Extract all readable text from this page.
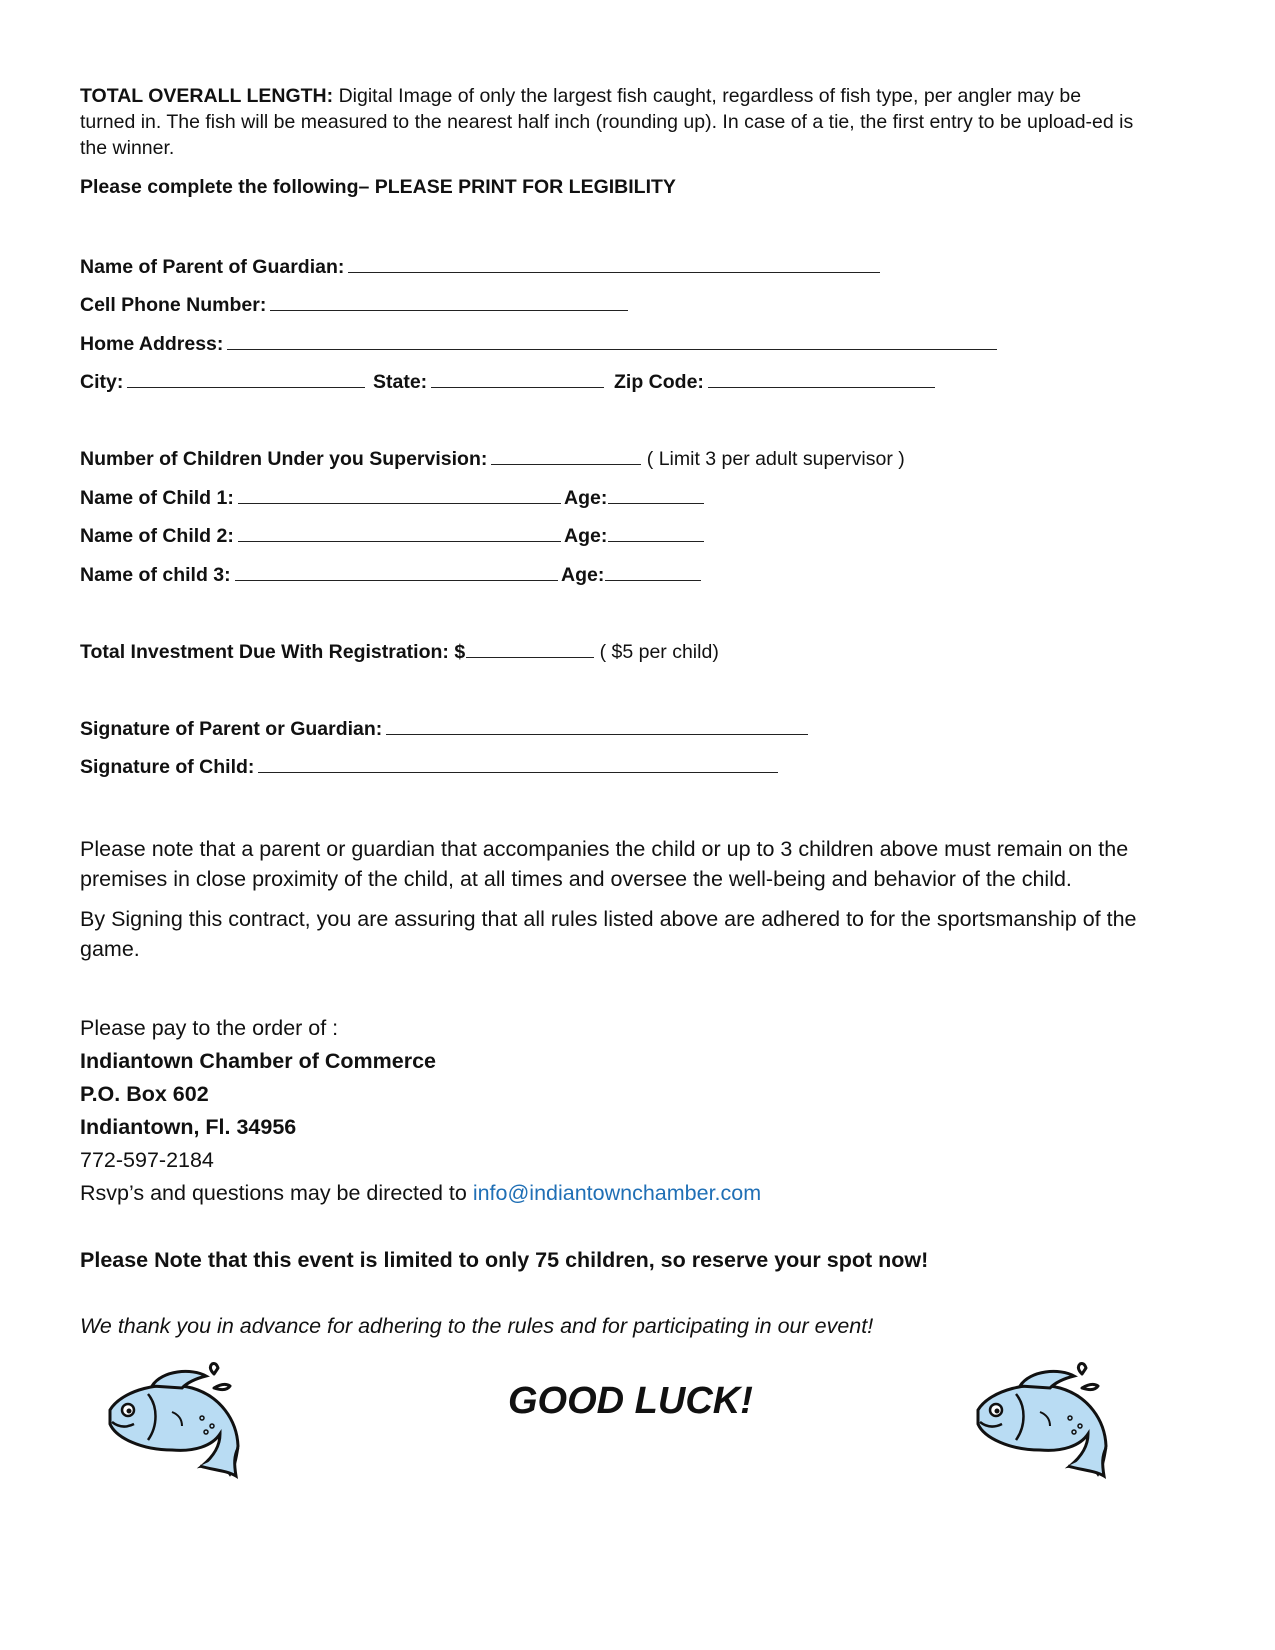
TOTAL OVERALL LENGTH: Digital Image of only the largest fish caught, regardless of fish type, per angler may be turned in. The fish will be measured to the nearest half inch (rounding up). In case of a tie, the first entry to be upload-ed is the winner.
Please complete the following– PLEASE PRINT FOR LEGIBILITY
Name of Parent of Guardian:
Cell Phone Number:
Home Address:
City:	State:	Zip Code:
Number of Children Under you Supervision:	( Limit 3 per adult supervisor )
Name of Child 1:	Age:
Name of Child 2:	Age:
Name of child 3:	Age:
Total Investment Due With Registration: $	( $5 per child)
Signature of Parent or Guardian:
Signature of Child:
Please note that a parent or guardian that accompanies the child or up to 3 children above must remain on the premises in close proximity of the child, at all times and oversee the well-being and behavior of the child.
By Signing this contract, you are assuring that all rules listed above are adhered to for the sportsmanship of the game.
Please pay to the order of :
Indiantown Chamber of Commerce
P.O. Box 602
Indiantown, Fl. 34956
772-597-2184
Rsvp’s and questions may be directed to info@indiantownchamber.com
Please Note that this event is limited to only 75 children, so reserve your spot now!
We thank you in advance for adhering to the rules and for participating in our event!
GOOD LUCK!
